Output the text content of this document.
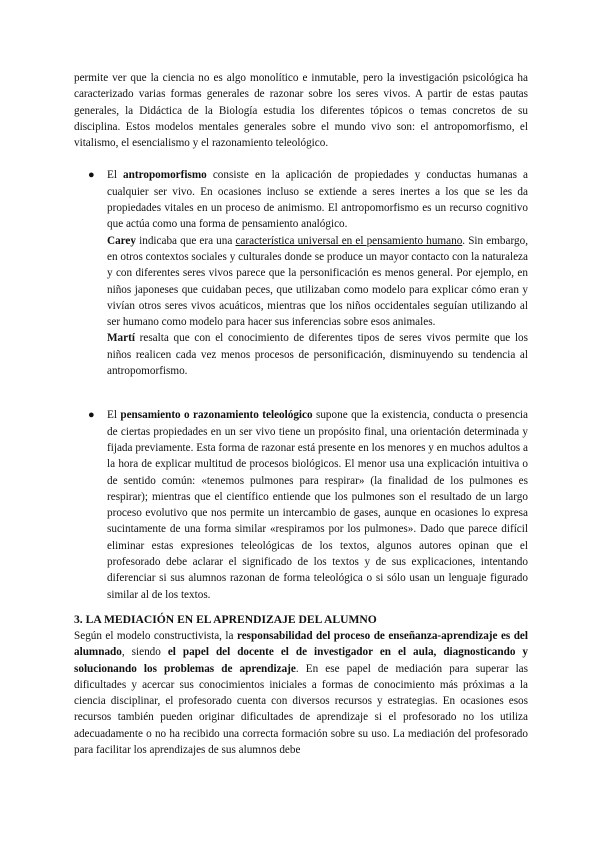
permite ver que la ciencia no es algo monolítico e inmutable, pero la investigación psicológica ha caracterizado varias formas generales de razonar sobre los seres vivos. A partir de estas pautas generales, la Didáctica de la Biología estudia los diferentes tópicos o temas concretos de su disciplina. Estos modelos mentales generales sobre el mundo vivo son: el antropomorfismo, el vitalismo, el esencialismo y el razonamiento teleológico.

● El antropomorfismo consiste en la aplicación de propiedades y conductas humanas a cualquier ser vivo. En ocasiones incluso se extiende a seres inertes a los que se les da propiedades vitales en un proceso de animismo. El antropomorfismo es un recurso cognitivo que actúa como una forma de pensamiento analógico.

Carey indicaba que era una característica universal en el pensamiento humano. Sin embargo, en otros contextos sociales y culturales donde se produce un mayor contacto con la naturaleza y con diferentes seres vivos parece que la personificación es menos general. Por ejemplo, en niños japoneses que cuidaban peces, que utilizaban como modelo para explicar cómo eran y vivían otros seres vivos acuáticos, mientras que los niños occidentales seguían utilizando al ser humano como modelo para hacer sus inferencias sobre esos animales.

Martí resalta que con el conocimiento de diferentes tipos de seres vivos permite que los niños realicen cada vez menos procesos de personificación, disminuyendo su tendencia al antropomorfismo.

● El pensamiento o razonamiento teleológico supone que la existencia, conducta o presencia de ciertas propiedades en un ser vivo tiene un propósito final, una orientación determinada y fijada previamente. Esta forma de razonar está presente en los menores y en muchos adultos a la hora de explicar multitud de procesos biológicos. El menor usa una explicación intuitiva o de sentido común: «tenemos pulmones para respirar» (la finalidad de los pulmones es respirar); mientras que el científico entiende que los pulmones son el resultado de un largo proceso evolutivo que nos permite un intercambio de gases, aunque en ocasiones lo expresa sucintamente de una forma similar «respiramos por los pulmones». Dado que parece difícil eliminar estas expresiones teleológicas de los textos, algunos autores opinan que el profesorado debe aclarar el significado de los textos y de sus explicaciones, intentando diferenciar si sus alumnos razonan de forma teleológica o si sólo usan un lenguaje figurado similar al de los textos.

3. LA MEDIACIÓN EN EL APRENDIZAJE DEL ALUMNO

Según el modelo constructivista, la responsabilidad del proceso de enseñanza-aprendizaje es del alumnado, siendo el papel del docente el de investigador en el aula, diagnosticando y solucionando los problemas de aprendizaje. En ese papel de mediación para superar las dificultades y acercar sus conocimientos iniciales a formas de conocimiento más próximas a la ciencia disciplinar, el profesorado cuenta con diversos recursos y estrategias. En ocasiones esos recursos también pueden originar dificultades de aprendizaje si el profesorado no los utiliza adecuadamente o no ha recibido una correcta formación sobre su uso. La mediación del profesorado para facilitar los aprendizajes de sus alumnos debe
